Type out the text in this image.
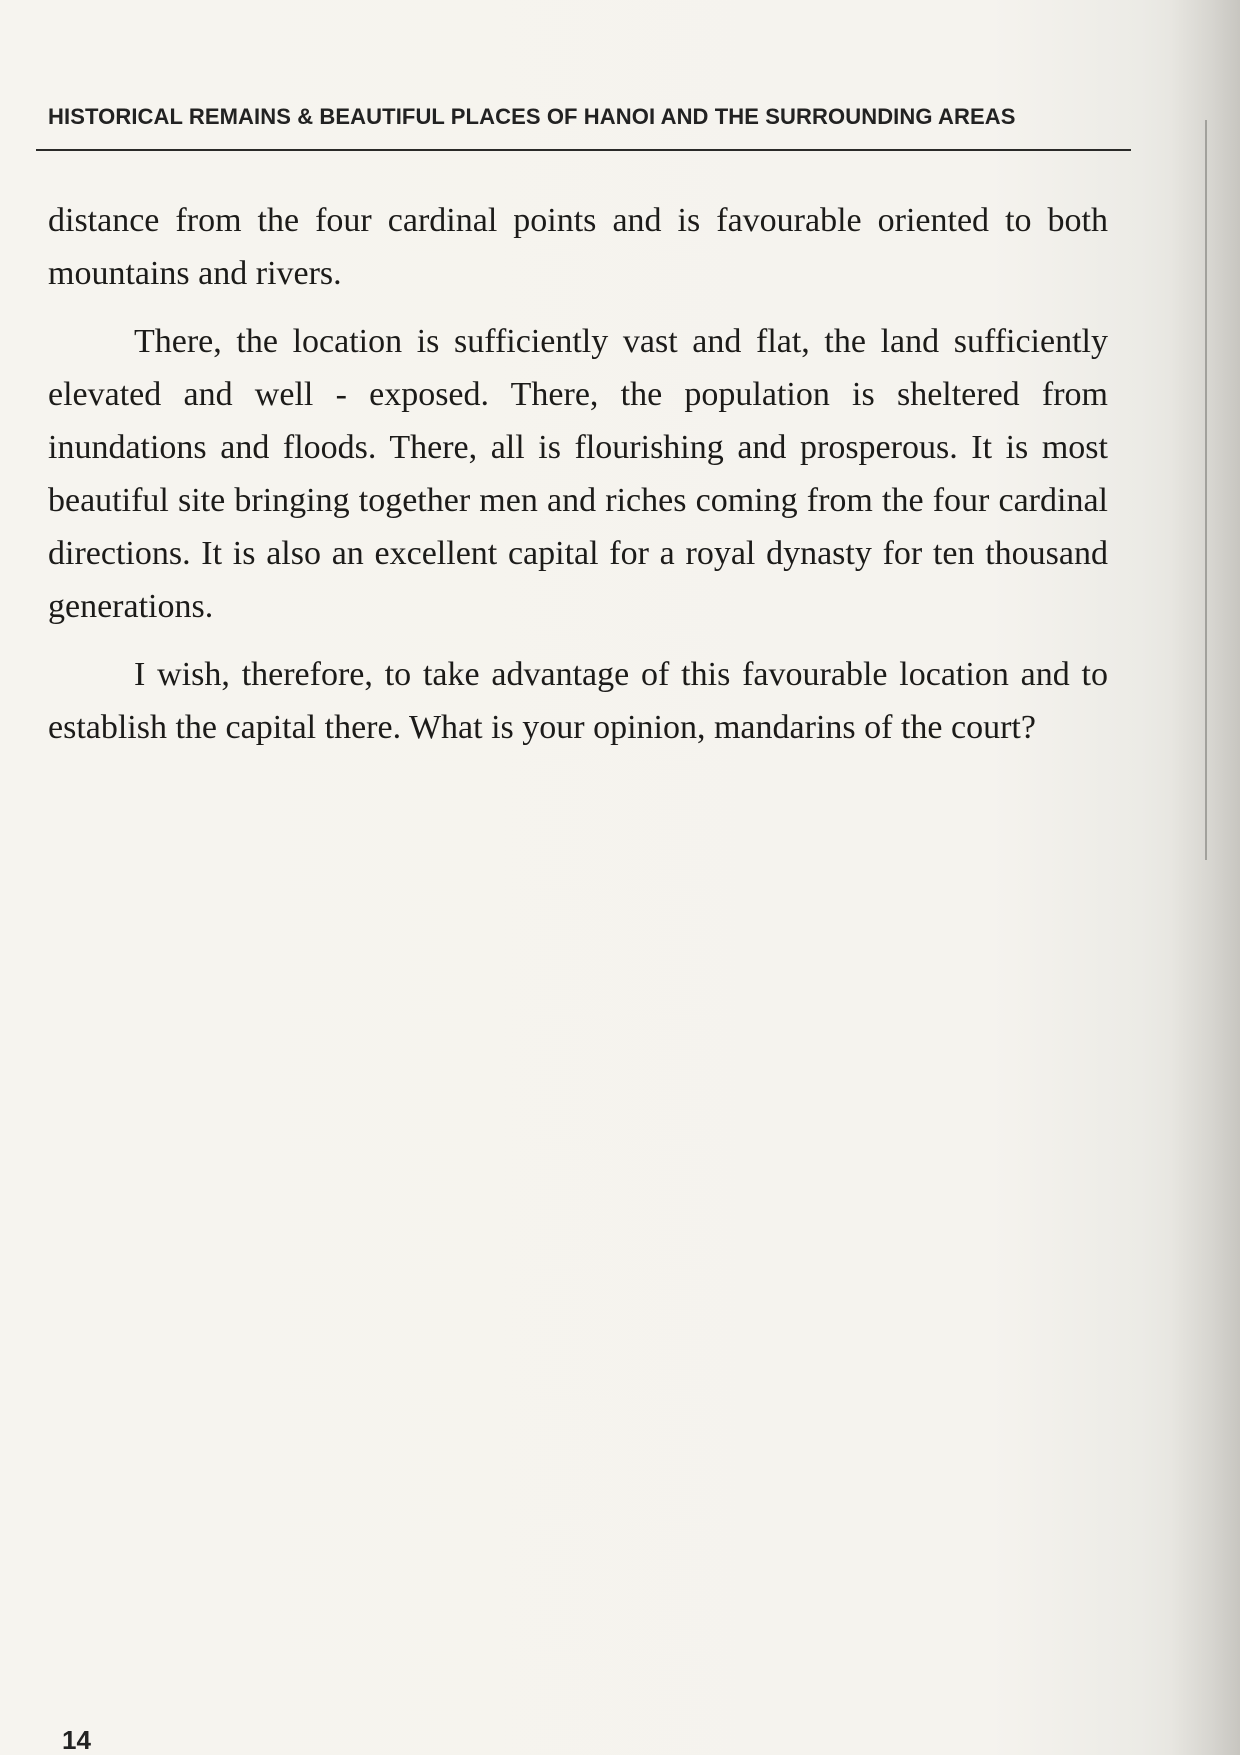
HISTORICAL REMAINS & BEAUTIFUL PLACES OF HANOI AND THE SURROUNDING AREAS

distance from the four cardinal points and is favourable oriented to both mountains and rivers.

There, the location is sufficiently vast and flat, the land sufficiently elevated and well - exposed. There, the population is sheltered from inundations and floods. There, all is flourishing and prosperous. It is most beautiful site bringing together men and riches coming from the four cardinal directions. It is also an excellent capital for a royal dynasty for ten thousand generations.

I wish, therefore, to take advantage of this favourable location and to establish the capital there. What is your opinion, mandarins of the court?

14
